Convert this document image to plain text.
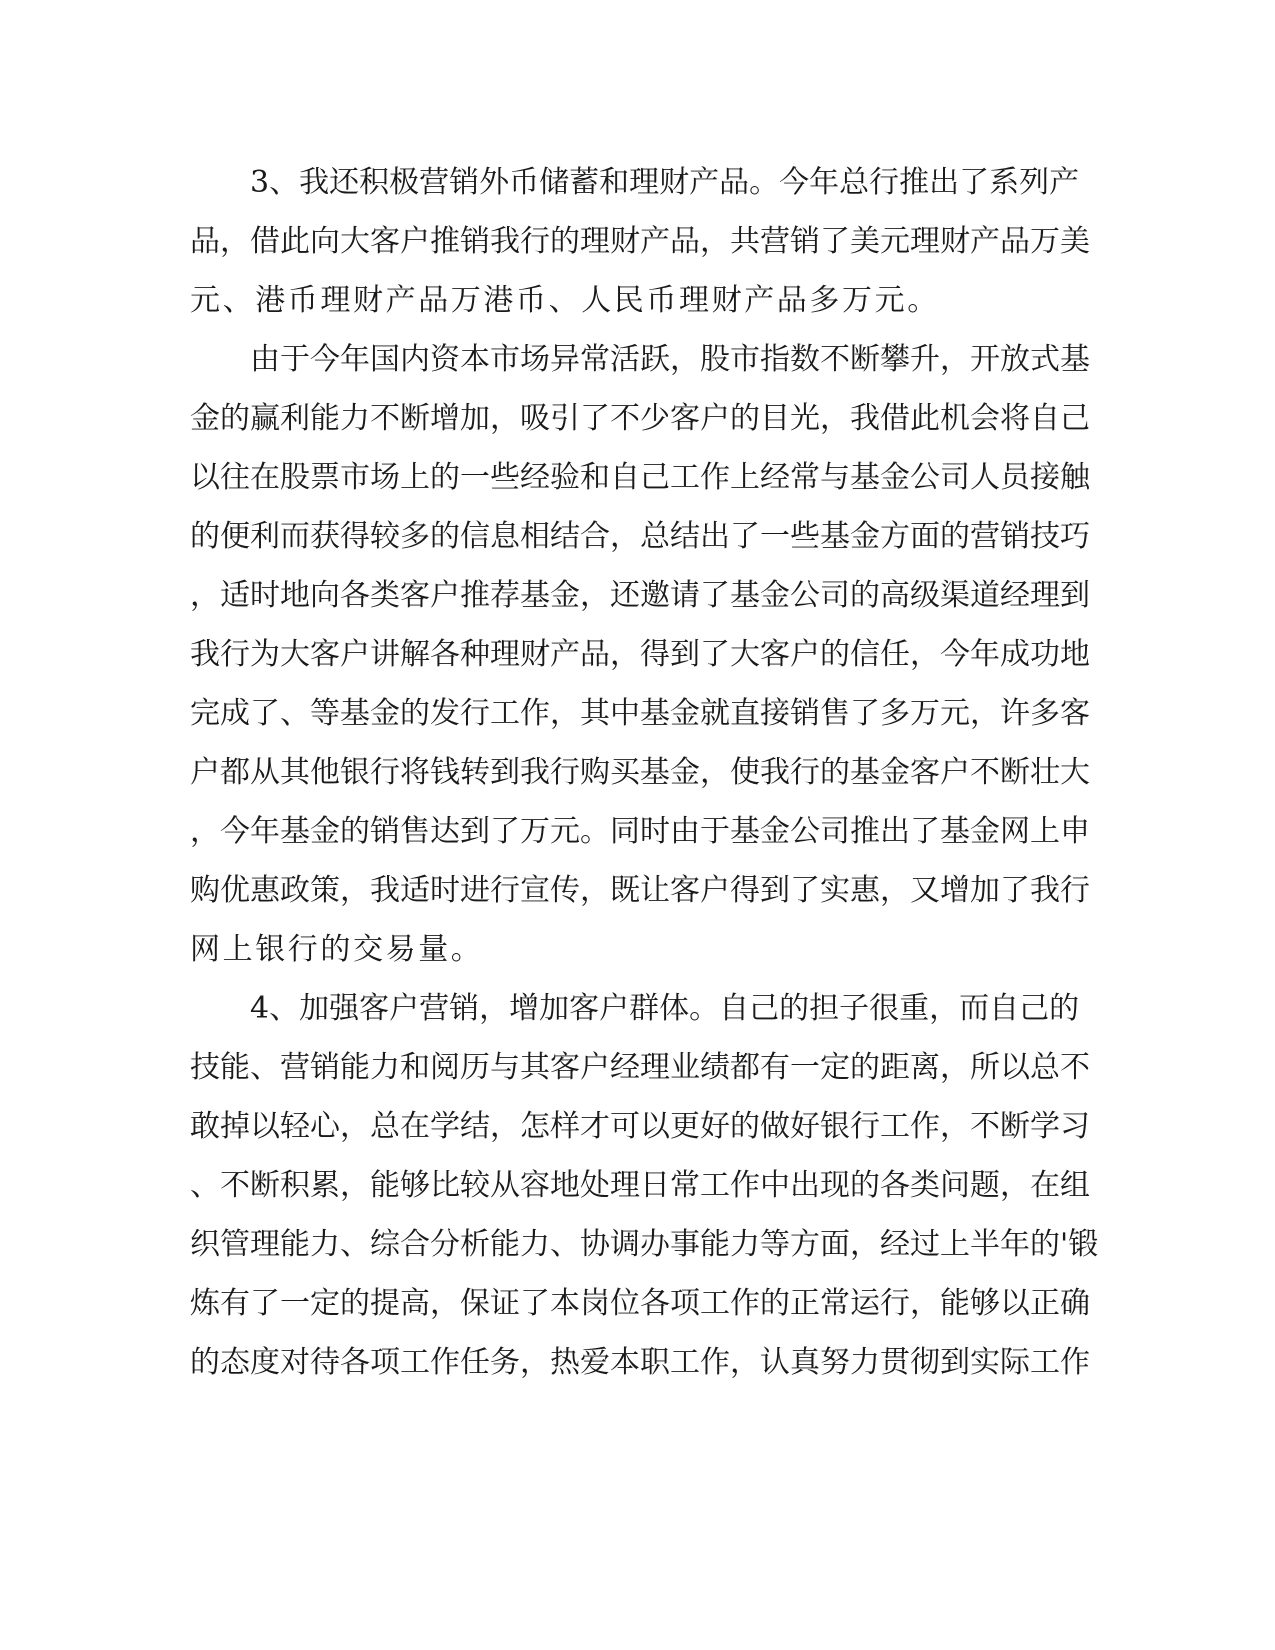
3、我还积极营销外币储蓄和理财产品。今年总行推出了系列产
品，借此向大客户推销我行的理财产品，共营销了美元理财产品万美
元、港币理财产品万港币、人民币理财产品多万元。
由于今年国内资本市场异常活跃，股市指数不断攀升，开放式基
金的赢利能力不断增加，吸引了不少客户的目光，我借此机会将自己
以往在股票市场上的一些经验和自己工作上经常与基金公司人员接触
的便利而获得较多的信息相结合，总结出了一些基金方面的营销技巧
，适时地向各类客户推荐基金，还邀请了基金公司的高级渠道经理到
我行为大客户讲解各种理财产品，得到了大客户的信任，今年成功地
完成了、等基金的发行工作，其中基金就直接销售了多万元，许多客
户都从其他银行将钱转到我行购买基金，使我行的基金客户不断壮大
，今年基金的销售达到了万元。同时由于基金公司推出了基金网上申
购优惠政策，我适时进行宣传，既让客户得到了实惠，又增加了我行
网上银行的交易量。
4、加强客户营销，增加客户群体。自己的担子很重，而自己的
技能、营销能力和阅历与其客户经理业绩都有一定的距离，所以总不
敢掉以轻心，总在学结，怎样才可以更好的做好银行工作，不断学习
、不断积累，能够比较从容地处理日常工作中出现的各类问题，在组
织管理能力、综合分析能力、协调办事能力等方面，经过上半年的'锻
炼有了一定的提高，保证了本岗位各项工作的正常运行，能够以正确
的态度对待各项工作任务，热爱本职工作，认真努力贯彻到实际工作
